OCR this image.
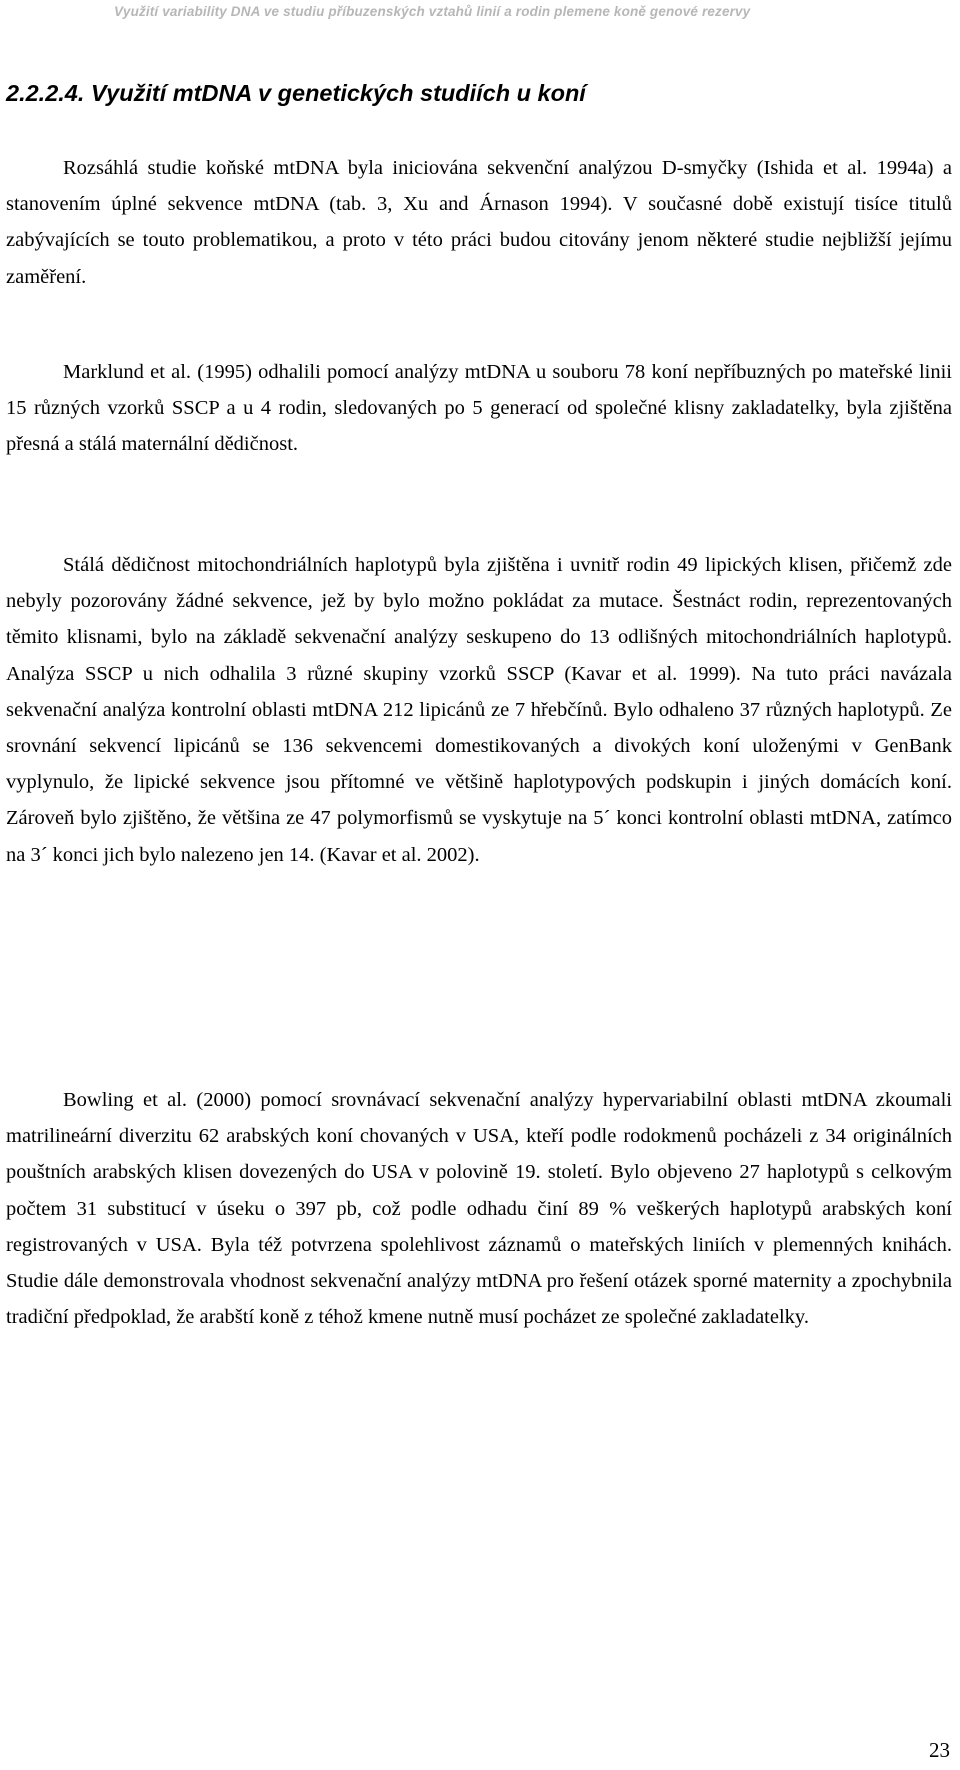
Využití variability DNA ve studiu příbuzenských vztahů linií a rodin plemene koně genové rezervy
2.2.2.4. Využití mtDNA v genetických studiích u koní

Rozsáhlá studie koňské mtDNA byla iniciována sekvenční analýzou D-smyčky (Ishida et al. 1994a) a stanovením úplné sekvence mtDNA (tab. 3, Xu and Árnason 1994). V současné době existují tisíce titulů zabývajících se touto problematikou, a proto v této práci budou citovány jenom některé studie nejbližší jejímu zaměření.

Marklund et al. (1995) odhalili pomocí analýzy mtDNA u souboru 78 koní nepříbuzných po mateřské linii 15 různých vzorků SSCP a u 4 rodin, sledovaných po 5 generací od společné klisny zakladatelky, byla zjištěna přesná a stálá maternální dědičnost.

Stálá dědičnost mitochondriálních haplotypů byla zjištěna i uvnitř rodin 49 lipických klisen, přičemž zde nebyly pozorovány žádné sekvence, jež by bylo možno pokládat za mutace. Šestnáct rodin, reprezentovaných těmito klisnami, bylo na základě sekvenační analýzy seskupeno do 13 odlišných mitochondriálních haplotypů. Analýza SSCP u nich odhalila 3 různé skupiny vzorků SSCP (Kavar et al. 1999). Na tuto práci navázala sekvenační analýza kontrolní oblasti mtDNA 212 lipicánů ze 7 hřebčínů. Bylo odhaleno 37 různých haplotypů. Ze srovnání sekvencí lipicánů se 136 sekvencemi domestikovaných a divokých koní uloženými v GenBank vyplynulo, že lipické sekvence jsou přítomné ve většině haplotypových podskupin i jiných domácích koní. Zároveň bylo zjištěno, že většina ze 47 polymorfismů se vyskytuje na 5´ konci kontrolní oblasti mtDNA, zatímco na 3´ konci jich bylo nalezeno jen 14. (Kavar et al. 2002).

Bowling et al. (2000) pomocí srovnávací sekvenační analýzy hypervariabilní oblasti mtDNA zkoumali matrilineární diverzitu 62 arabských koní chovaných v USA, kteří podle rodokmenů pocházeli z 34 originálních pouštních arabských klisen dovezených do USA v polovině 19. století. Bylo objeveno 27 haplotypů s celkovým počtem 31 substitucí v úseku o 397 pb, což podle odhadu činí 89 % veškerých haplotypů arabských koní registrovaných v USA. Byla též potvrzena spolehlivost záznamů o mateřských liniích v plemenných knihách. Studie dále demonstrovala vhodnost sekvenační analýzy mtDNA pro řešení otázek sporné maternity a zpochybnila tradiční předpoklad, že arabští koně z téhož kmene nutně musí pocházet ze společné zakladatelky.

23
